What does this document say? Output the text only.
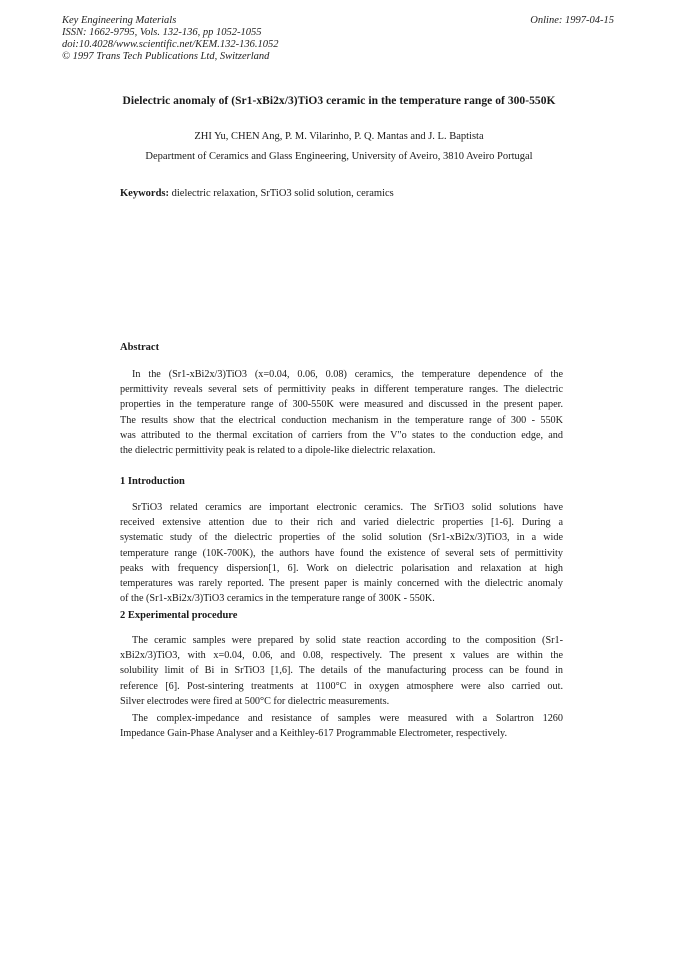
Key Engineering Materials
ISSN: 1662-9795, Vols. 132-136, pp 1052-1055
doi:10.4028/www.scientific.net/KEM.132-136.1052
© 1997 Trans Tech Publications Ltd, Switzerland
Online: 1997-04-15
Dielectric anomaly of (Sr1-xBi2x/3)TiO3 ceramic in the temperature range of 300-550K
ZHI Yu, CHEN Ang, P. M. Vilarinho, P. Q. Mantas and J. L. Baptista
Department of Ceramics and Glass Engineering, University of Aveiro, 3810 Aveiro Portugal
Keywords: dielectric relaxation, SrTiO3 solid solution, ceramics
Abstract
In the (Sr1-xBi2x/3)TiO3 (x=0.04, 0.06, 0.08) ceramics, the temperature dependence of the
permittivity reveals several sets of permittivity peaks in different temperature ranges. The dielectric
properties in the temperature range of 300-550K were measured and discussed in the present paper.
The results show that the electrical conduction mechanism in the temperature range of 300 - 550K
was attributed to the thermal excitation of carriers from the V"o states to the conduction edge, and
the dielectric permittivity peak is related to a dipole-like dielectric relaxation.
1 Introduction
SrTiO3 related ceramics are important electronic ceramics. The SrTiO3 solid solutions have
received extensive attention due to their rich and varied dielectric properties [1-6]. During a
systematic study of the dielectric properties of the solid solution (Sr1-xBi2x/3)TiO3, in a wide
temperature range (10K-700K), the authors have found the existence of several sets of permittivity
peaks with frequency dispersion[1, 6]. Work on dielectric polarisation and relaxation at high
temperatures was rarely reported. The present paper is mainly concerned with the dielectric anomaly
of the (Sr1-xBi2x/3)TiO3 ceramics in the temperature range of 300K - 550K.
2 Experimental procedure
The ceramic samples were prepared by solid state reaction according to the composition (Sr1-
xBi2x/3)TiO3, with x=0.04, 0.06, and 0.08, respectively. The present x values are within the
solubility limit of Bi in SrTiO3 [1,6]. The details of the manufacturing process can be found in
reference [6]. Post-sintering treatments at 1100°C in oxygen atmosphere were also carried out.
Silver electrodes were fired at 500°C for dielectric measurements.
The complex-impedance and resistance of samples were measured with a Solartron 1260
Impedance Gain-Phase Analyser and a Keithley-617 Programmable Electrometer, respectively.
